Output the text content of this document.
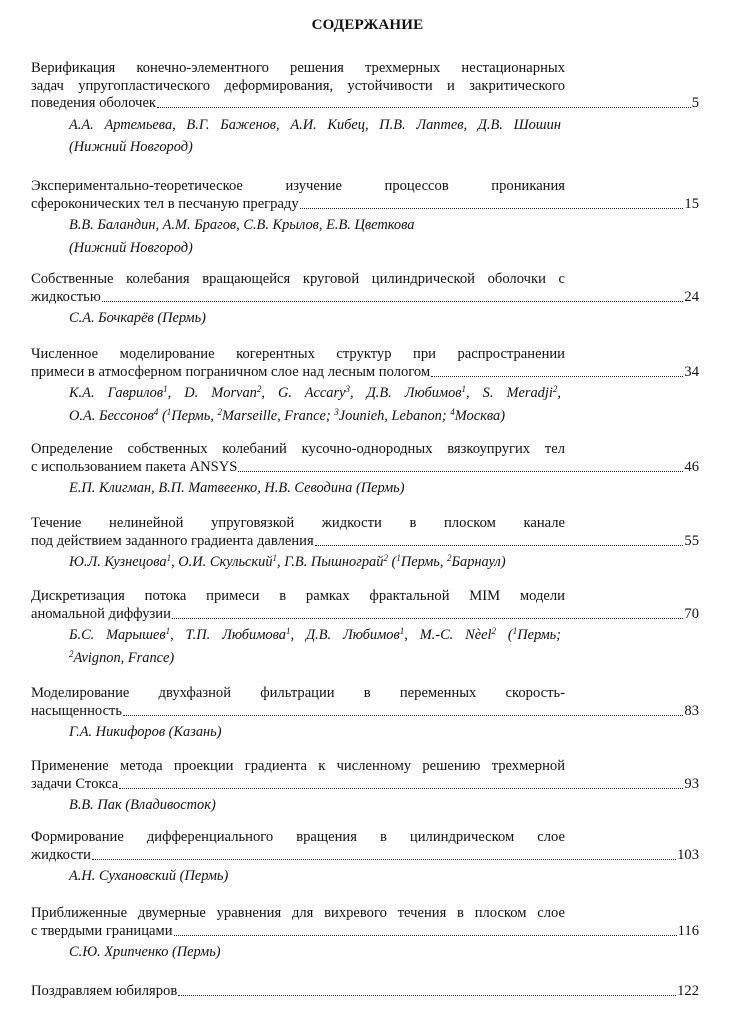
СОДЕРЖАНИЕ
Верификация конечно-элементного решения трехмерных нестационарных
задач упругопластического деформирования, устойчивости и закритического
поведения оболочек	5
А.А. Артемьева, В.Г. Баженов, А.И. Кибец, П.В. Лаптев, Д.В. Шошин
(Нижний Новгород)
Экспериментально-теоретическое изучение процессов проникания
сфероконических тел в песчаную преграду	15
В.В. Баландин, А.М. Брагов, С.В. Крылов, Е.В. Цветкова
(Нижний Новгород)
Собственные колебания вращающейся круговой цилиндрической оболочки с
жидкостью	24
С.А. Бочкарёв (Пермь)
Численное моделирование когерентных структур при распространении
примеси в атмосферном пограничном слое над лесным пологом	34
К.А. Гаврилов$^1$, D. Morvan$^2$, G. Accary$^3$, Д.В. Любимов$^1$, S. Meradji$^2$,
О.А. Бессонов$^4$ ($^1$Пермь, $^2$Marseille, France; $^3$Jounieh, Lebanon; $^4$Москва)
Определение собственных колебаний кусочно-однородных вязкоупругих тел
с использованием пакета ANSYS	46
Е.П. Клигман, В.П. Матвеенко, Н.В. Севодина (Пермь)
Течение нелинейной упруговязкой жидкости в плоском канале
под действием заданного градиента давления	55
Ю.Л. Кузнецова$^1$, О.И. Скульский$^1$, Г.В. Пышнограй$^2$ ($^1$Пермь, $^2$Барнаул)
Дискретизация потока примеси в рамках фрактальной MIM модели
аномальной диффузии	70
Б.С. Марышев$^1$, Т.П. Любимова$^1$, Д.В. Любимов$^1$, М.-С. Nèel$^2$ ($^1$Пермь;
$^2$Avignon, France)
Моделирование двухфазной фильтрации в переменных скорость-
насыщенность	83
Г.А. Никифоров (Казань)
Применение метода проекции градиента к численному решению трехмерной
задачи Стокса	93
В.В. Пак (Владивосток)
Формирование дифференциального вращения в цилиндрическом слое
жидкости	103
А.Н. Сухановский (Пермь)
Приближенные двумерные уравнения для вихревого течения в плоском слое
с твердыми границами	116
С.Ю. Хрипченко (Пермь)
Поздравляем юбиляров	122
